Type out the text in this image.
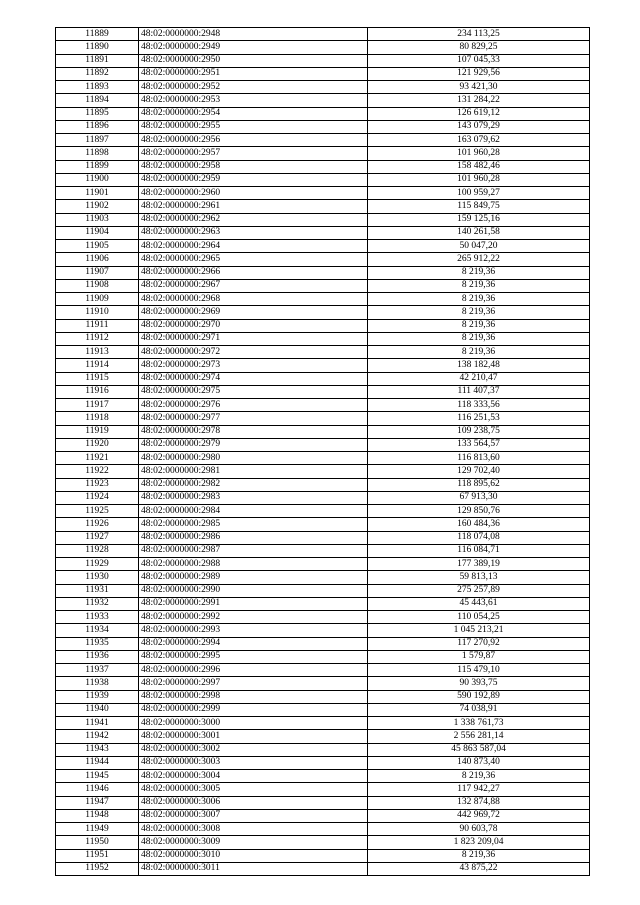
11889	48:02:0000000:2948	234 113,25
11890	48:02:0000000:2949	80 829,25
11891	48:02:0000000:2950	107 045,33
11892	48:02:0000000:2951	121 929,56
11893	48:02:0000000:2952	93 421,30
11894	48:02:0000000:2953	131 284,22
11895	48:02:0000000:2954	126 619,12
11896	48:02:0000000:2955	143 079,29
11897	48:02:0000000:2956	163 079,62
11898	48:02:0000000:2957	101 960,28
11899	48:02:0000000:2958	158 482,46
11900	48:02:0000000:2959	101 960,28
11901	48:02:0000000:2960	100 959,27
11902	48:02:0000000:2961	115 849,75
11903	48:02:0000000:2962	159 125,16
11904	48:02:0000000:2963	140 261,58
11905	48:02:0000000:2964	50 047,20
11906	48:02:0000000:2965	265 912,22
11907	48:02:0000000:2966	8 219,36
11908	48:02:0000000:2967	8 219,36
11909	48:02:0000000:2968	8 219,36
11910	48:02:0000000:2969	8 219,36
11911	48:02:0000000:2970	8 219,36
11912	48:02:0000000:2971	8 219,36
11913	48:02:0000000:2972	8 219,36
11914	48:02:0000000:2973	138 182,48
11915	48:02:0000000:2974	42 210,47
11916	48:02:0000000:2975	111 407,37
11917	48:02:0000000:2976	118 333,56
11918	48:02:0000000:2977	116 251,53
11919	48:02:0000000:2978	109 238,75
11920	48:02:0000000:2979	133 564,57
11921	48:02:0000000:2980	116 813,60
11922	48:02:0000000:2981	129 702,40
11923	48:02:0000000:2982	118 895,62
11924	48:02:0000000:2983	67 913,30
11925	48:02:0000000:2984	129 850,76
11926	48:02:0000000:2985	160 484,36
11927	48:02:0000000:2986	118 074,08
11928	48:02:0000000:2987	116 084,71
11929	48:02:0000000:2988	177 389,19
11930	48:02:0000000:2989	59 813,13
11931	48:02:0000000:2990	275 257,89
11932	48:02:0000000:2991	45 443,61
11933	48:02:0000000:2992	110 054,25
11934	48:02:0000000:2993	1 045 213,21
11935	48:02:0000000:2994	117 270,92
11936	48:02:0000000:2995	1 579,87
11937	48:02:0000000:2996	115 479,10
11938	48:02:0000000:2997	90 393,75
11939	48:02:0000000:2998	590 192,89
11940	48:02:0000000:2999	74 038,91
11941	48:02:0000000:3000	1 338 761,73
11942	48:02:0000000:3001	2 556 281,14
11943	48:02:0000000:3002	45 863 587,04
11944	48:02:0000000:3003	140 873,40
11945	48:02:0000000:3004	8 219,36
11946	48:02:0000000:3005	117 942,27
11947	48:02:0000000:3006	132 874,88
11948	48:02:0000000:3007	442 969,72
11949	48:02:0000000:3008	90 603,78
11950	48:02:0000000:3009	1 823 209,04
11951	48:02:0000000:3010	8 219,36
11952	48:02:0000000:3011	43 875,22
